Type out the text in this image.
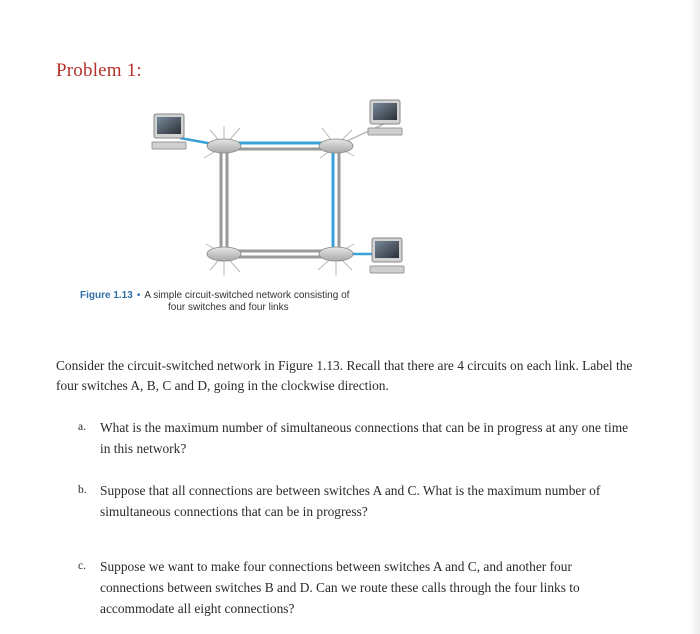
Problem 1:
Figure 1.13 • A simple circuit-switched network consisting of
four switches and four links
Consider the circuit-switched network in Figure 1.13. Recall that there are 4 circuits on each link. Label the four switches A, B, C and D, going in the clockwise direction.
a.	What is the maximum number of simultaneous connections that can be in progress at any one time in this network?
b. Suppose that all connections are between switches A and C. What is the maximum number of simultaneous connections that can be in progress?
c.	Suppose we want to make four connections between switches A and C, and another four connections between switches B and D. Can we route these calls through the four links to accommodate all eight connections?
